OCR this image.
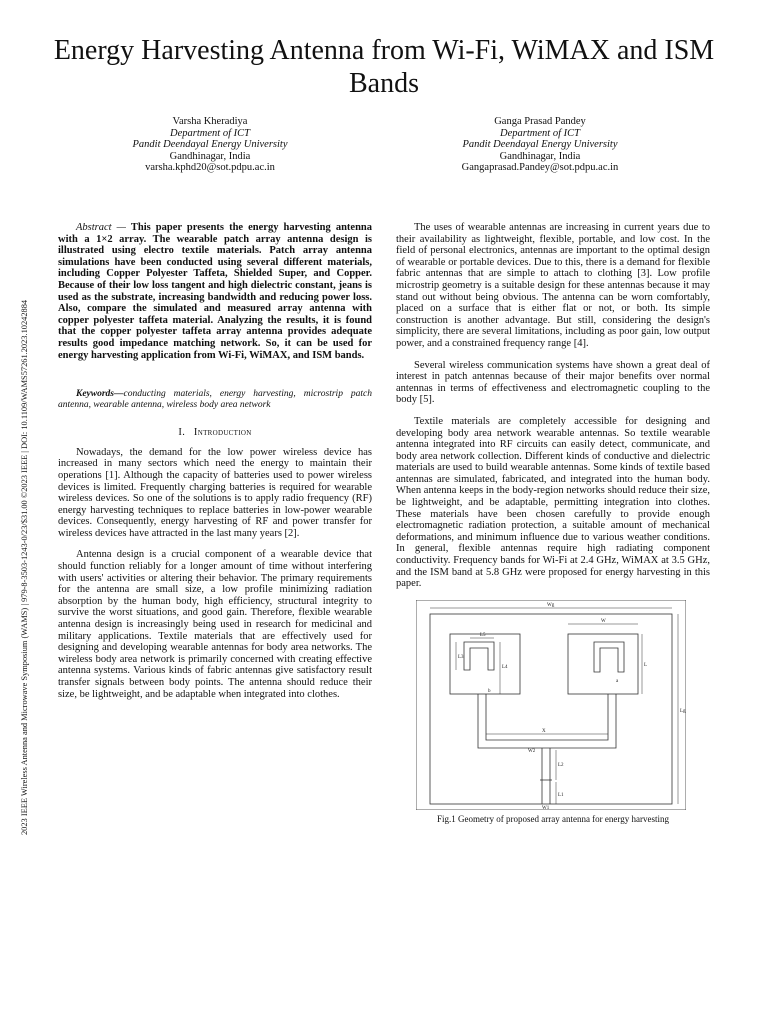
2023 IEEE Wireless Antenna and Microwave Symposium (WAMS) | 979-8-3503-1243-0/23/$31.00 ©2023 IEEE | DOI: 10.1109/WAMS57261.2023.10242884
Energy Harvesting Antenna from Wi-Fi, WiMAX and ISM Bands
Varsha Kheradiya
Department of ICT
Pandit Deendayal Energy University
Gandhinagar, India
varsha.kphd20@sot.pdpu.ac.in
Ganga Prasad Pandey
Department of ICT
Pandit Deendayal Energy University
Gandhinagar, India
Gangaprasad.Pandey@sot.pdpu.ac.in

Abstract — This paper presents the energy harvesting antenna with a 1×2 array. The wearable patch array antenna design is illustrated using electro textile materials. Patch array antenna simulations have been conducted using several different materials, including Copper Polyester Taffeta, Shielded Super, and Copper. Because of their low loss tangent and high dielectric constant, jeans is used as the substrate, increasing bandwidth and reducing power loss. Also, compare the simulated and measured array antenna with copper polyester taffeta material. Analyzing the results, it is found that the copper polyester taffeta array antenna provides adequate results good impedance matching network. So, it can be used for energy harvesting application from Wi-Fi, WiMAX, and ISM bands.

Keywords—conducting materials, energy harvesting, microstrip patch antenna, wearable antenna, wireless body area network

I. Introduction

Nowadays, the demand for the low power wireless device has increased in many sectors which need the energy to maintain their operations [1]. Although the capacity of batteries used to power wireless devices is limited. Frequently charging batteries is required for wearable wireless devices. So one of the solutions is to apply radio frequency (RF) energy harvesting techniques to replace batteries in low-power wearable devices. Consequently, energy harvesting of RF and power transfer for wireless devices have attracted in the last many years [2].

Antenna design is a crucial component of a wearable device that should function reliably for a longer amount of time without interfering with users' activities or altering their behavior. The primary requirements for the antenna are small size, a low profile minimizing radiation absorption by the human body, high efficiency, structural integrity to survive the worst situations, and good gain. Therefore, flexible wearable antenna design is increasingly being used in research for medicinal and military applications. Textile materials that are effectively used for designing and developing wearable antennas for body area networks. The wireless body area network is primarily concerned with creating effective antenna systems. Various kinds of fabric antennas give satisfactory result transfer signals between body points. The antenna should reduce their size, be lightweight, and be adaptable when integrated into clothes.

The uses of wearable antennas are increasing in current years due to their availability as lightweight, flexible, portable, and low cost. In the field of personal electronics, antennas are important to the optimal design of wearable or portable devices. Due to this, there is a demand for flexible fabric antennas that are simple to attach to clothing [3]. Low profile microstrip geometry is a suitable design for these antennas because it may stand out without being obvious. The antenna can be worn comfortably, placed on a surface that is either flat or not, or both. Its simple construction is another advantage. But still, considering the design's simplicity, there are several limitations, including as poor gain, low output power, and a constrained frequency range [4].

Several wireless communication systems have shown a great deal of interest in patch antennas because of their major benefits over normal antennas in terms of effectiveness and electromagnetic coupling to the body [5].

Textile materials are completely accessible for designing and developing body area network wearable antennas. So textile wearable antenna integrated into RF circuits can easily detect, communicate, and body area network collection. Different kinds of conductive and dielectric materials are used to build wearable antennas. Some kinds of textile based antennas are simulated, fabricated, and integrated into the human body. When antenna keeps in the body-region networks should reduce their size, be lightweight, and be adaptable, permitting integration into clothes. These materials have been chosen carefully to provide enough electromagnetic radiation protection, a suitable amount of mechanical deformations, and minimum influence due to various weather conditions. In general, flexible antennas require high radiating component conductivity. Frequency bands for Wi-Fi at 2.4 GHz, WiMAX at 3.5 GHz, and the ISM band at 5.8 GHz were proposed for energy harvesting in this paper.

Wg
W
L5
L3
L4	L
Lg
X
W2
L2
L1
W1
a
b
Fig.1 Geometry of proposed array antenna for energy harvesting
